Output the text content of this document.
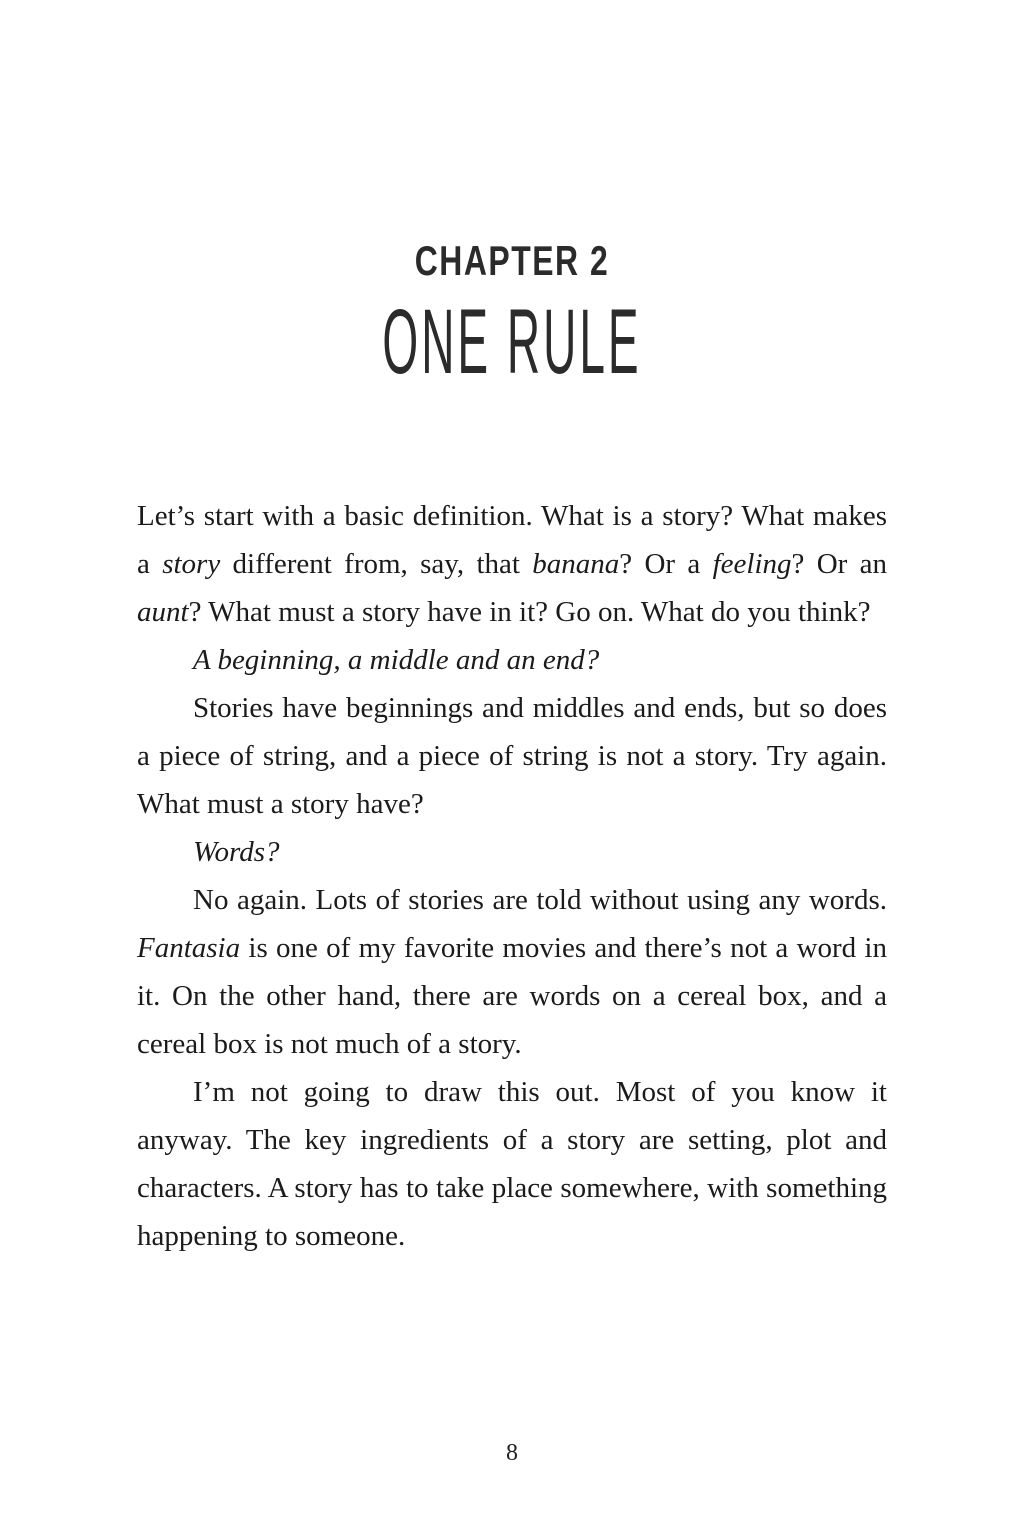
CHAPTER 2
ONE RULE

Let’s start with a basic definition. What is a story? What makes a story different from, say, that banana? Or a feeling? Or an aunt? What must a story have in it? Go on. What do you think?

A beginning, a middle and an end?

Stories have beginnings and middles and ends, but so does a piece of string, and a piece of string is not a story. Try again. What must a story have?

Words?

No again. Lots of stories are told without using any words. Fantasia is one of my favorite movies and there’s not a word in it. On the other hand, there are words on a cereal box, and a cereal box is not much of a story.

I’m not going to draw this out. Most of you know it anyway. The key ingredients of a story are setting, plot and characters. A story has to take place somewhere, with something happening to someone.

8
